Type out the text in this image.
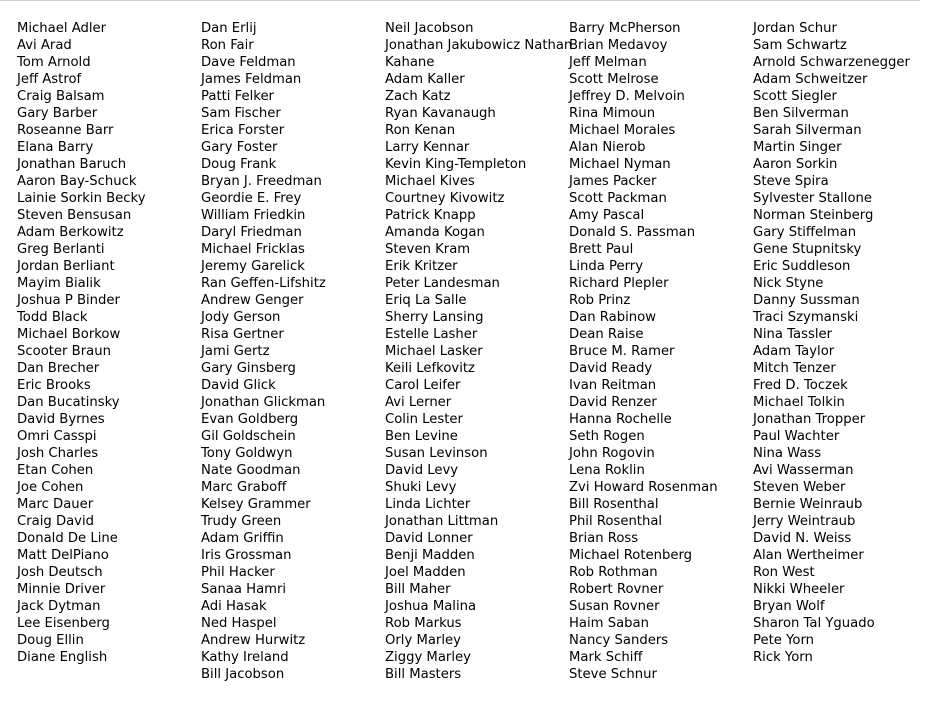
Michael Adler
Avi Arad
Tom Arnold
Jeff Astrof
Craig Balsam
Gary Barber
Roseanne Barr
Elana Barry
Jonathan Baruch
Aaron Bay-Schuck
Lainie Sorkin Becky
Steven Bensusan
Adam Berkowitz
Greg Berlanti
Jordan Berliant
Mayim Bialik
Joshua P Binder
Todd Black
Michael Borkow
Scooter Braun
Dan Brecher
Eric Brooks
Dan Bucatinsky
David Byrnes
Omri Casspi
Josh Charles
Etan Cohen
Joe Cohen
Marc Dauer
Craig David
Donald De Line
Matt DelPiano
Josh Deutsch
Minnie Driver
Jack Dytman
Lee Eisenberg
Doug Ellin
Diane English
Dan Erlij
Ron Fair
Dave Feldman
James Feldman
Patti Felker
Sam Fischer
Erica Forster
Gary Foster
Doug Frank
Bryan J. Freedman
Geordie E. Frey
William Friedkin
Daryl Friedman
Michael Fricklas
Jeremy Garelick
Ran Geffen-Lifshitz
Andrew Genger
Jody Gerson
Risa Gertner
Jami Gertz
Gary Ginsberg
David Glick
Jonathan Glickman
Evan Goldberg
Gil Goldschein
Tony Goldwyn
Nate Goodman
Marc Graboff
Kelsey Grammer
Trudy Green
Adam Griffin
Iris Grossman
Phil Hacker
Sanaa Hamri
Adi Hasak
Ned Haspel
Andrew Hurwitz
Kathy Ireland
Bill Jacobson
Neil Jacobson
Jonathan Jakubowicz Nathan
Kahane
Adam Kaller
Zach Katz
Ryan Kavanaugh
Ron Kenan
Larry Kennar
Kevin King-Templeton
Michael Kives
Courtney Kivowitz
Patrick Knapp
Amanda Kogan
Steven Kram
Erik Kritzer
Peter Landesman
Eriq La Salle
Sherry Lansing
Estelle Lasher
Michael Lasker
Keili Lefkovitz
Carol Leifer
Avi Lerner
Colin Lester
Ben Levine
Susan Levinson
David Levy
Shuki Levy
Linda Lichter
Jonathan Littman
David Lonner
Benji Madden
Joel Madden
Bill Maher
Joshua Malina
Rob Markus
Orly Marley
Ziggy Marley
Bill Masters
Barry McPherson
Brian Medavoy
Jeff Melman
Scott Melrose
Jeffrey D. Melvoin
Rina Mimoun
Michael Morales
Alan Nierob
Michael Nyman
James Packer
Scott Packman
Amy Pascal
Donald S. Passman
Brett Paul
Linda Perry
Richard Plepler
Rob Prinz
Dan Rabinow
Dean Raise
Bruce M. Ramer
David Ready
Ivan Reitman
David Renzer
Hanna Rochelle
Seth Rogen
John Rogovin
Lena Roklin
Zvi Howard Rosenman
Bill Rosenthal
Phil Rosenthal
Brian Ross
Michael Rotenberg
Rob Rothman
Robert Rovner
Susan Rovner
Haim Saban
Nancy Sanders
Mark Schiff
Steve Schnur
Jordan Schur
Sam Schwartz
Arnold Schwarzenegger
Adam Schweitzer
Scott Siegler
Ben Silverman
Sarah Silverman
Martin Singer
Aaron Sorkin
Steve Spira
Sylvester Stallone
Norman Steinberg
Gary Stiffelman
Gene Stupnitsky
Eric Suddleson
Nick Styne
Danny Sussman
Traci Szymanski
Nina Tassler
Adam Taylor
Mitch Tenzer
Fred D. Toczek
Michael Tolkin
Jonathan Tropper
Paul Wachter
Nina Wass
Avi Wasserman
Steven Weber
Bernie Weinraub
Jerry Weintraub
David N. Weiss
Alan Wertheimer
Ron West
Nikki Wheeler
Bryan Wolf
Sharon Tal Yguado
Pete Yorn
Rick Yorn
